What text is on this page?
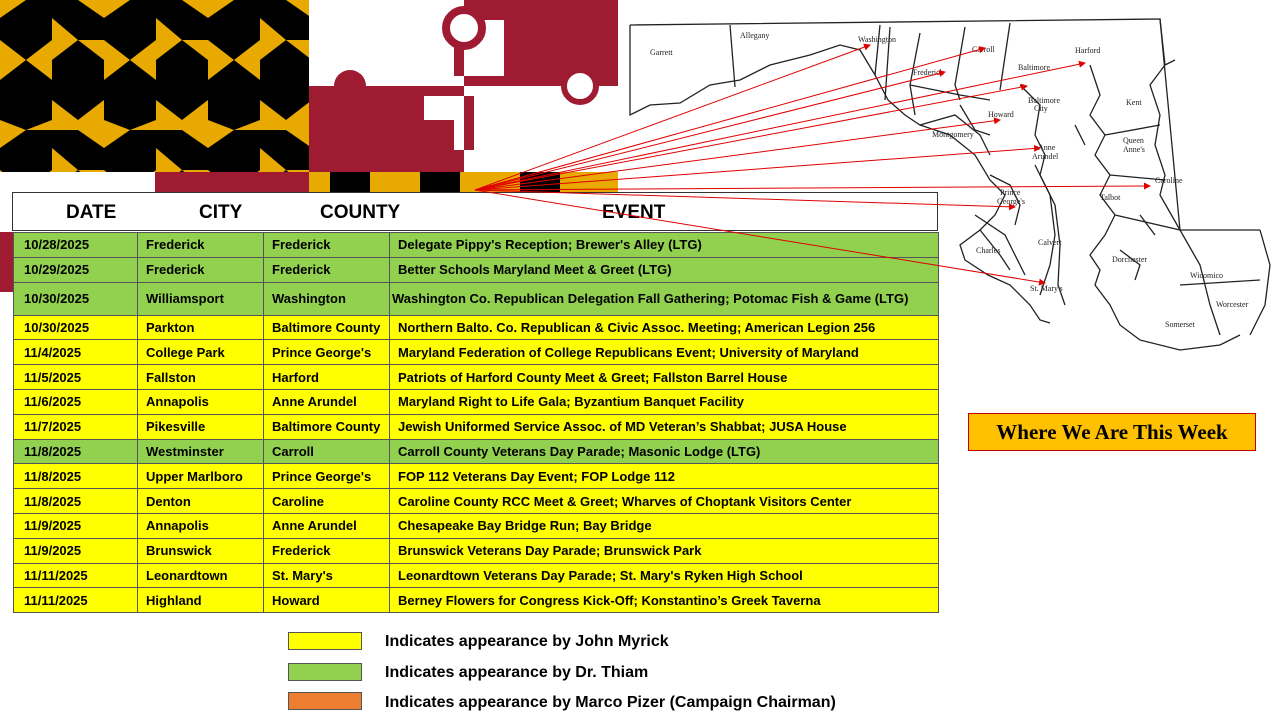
Garrett
Allegany	Washington
Frederick
Carroll
Baltimore
Harford
Howard
Baltimore
City
Montgomery
Anne
Arundel
Kent
Queen
Anne's
Caroline
Talbot
Prince
George's
Calvert
Charles
St. Mary's
Dorchester
Wicomico
Somerset
Worcester
DATE	CITY	COUNTY	EVENT
10/28/2025	Frederick	Frederick	Delegate Pippy's Reception; Brewer's Alley (LTG)
10/29/2025	Frederick	Frederick	Better Schools Maryland Meet & Greet (LTG)
10/30/2025	Williamsport	Washington	Washington Co. Republican Delegation Fall Gathering; Potomac Fish & Game (LTG)
10/30/2025	Parkton	Baltimore County	Northern Balto. Co. Republican & Civic Assoc. Meeting; American Legion 256
11/4/2025	College Park	Prince George's	Maryland Federation of College Republicans Event; University of Maryland
11/5/2025	Fallston	Harford	Patriots of Harford County Meet & Greet; Fallston Barrel House
11/6/2025	Annapolis	Anne Arundel	Maryland Right to Life Gala; Byzantium Banquet Facility
11/7/2025	Pikesville	Baltimore County	Jewish Uniformed Service Assoc. of MD Veteran’s Shabbat; JUSA House
11/8/2025	Westminster	Carroll	Carroll County Veterans Day Parade; Masonic Lodge (LTG)
11/8/2025	Upper Marlboro	Prince George's	FOP 112 Veterans Day Event; FOP Lodge 112
11/8/2025	Denton	Caroline	Caroline County RCC Meet & Greet; Wharves of Choptank Visitors Center
11/9/2025	Annapolis	Anne Arundel	Chesapeake Bay Bridge Run; Bay Bridge
11/9/2025	Brunswick	Frederick	Brunswick Veterans Day Parade; Brunswick Park
11/11/2025	Leonardtown	St. Mary's	Leonardtown Veterans Day Parade; St. Mary's Ryken High School
11/11/2025	Highland	Howard	Berney Flowers for Congress Kick-Off; Konstantino’s Greek Taverna
Indicates appearance by John Myrick
Indicates appearance by Dr. Thiam
Indicates appearance by Marco Pizer (Campaign Chairman)
Where We Are This Week
